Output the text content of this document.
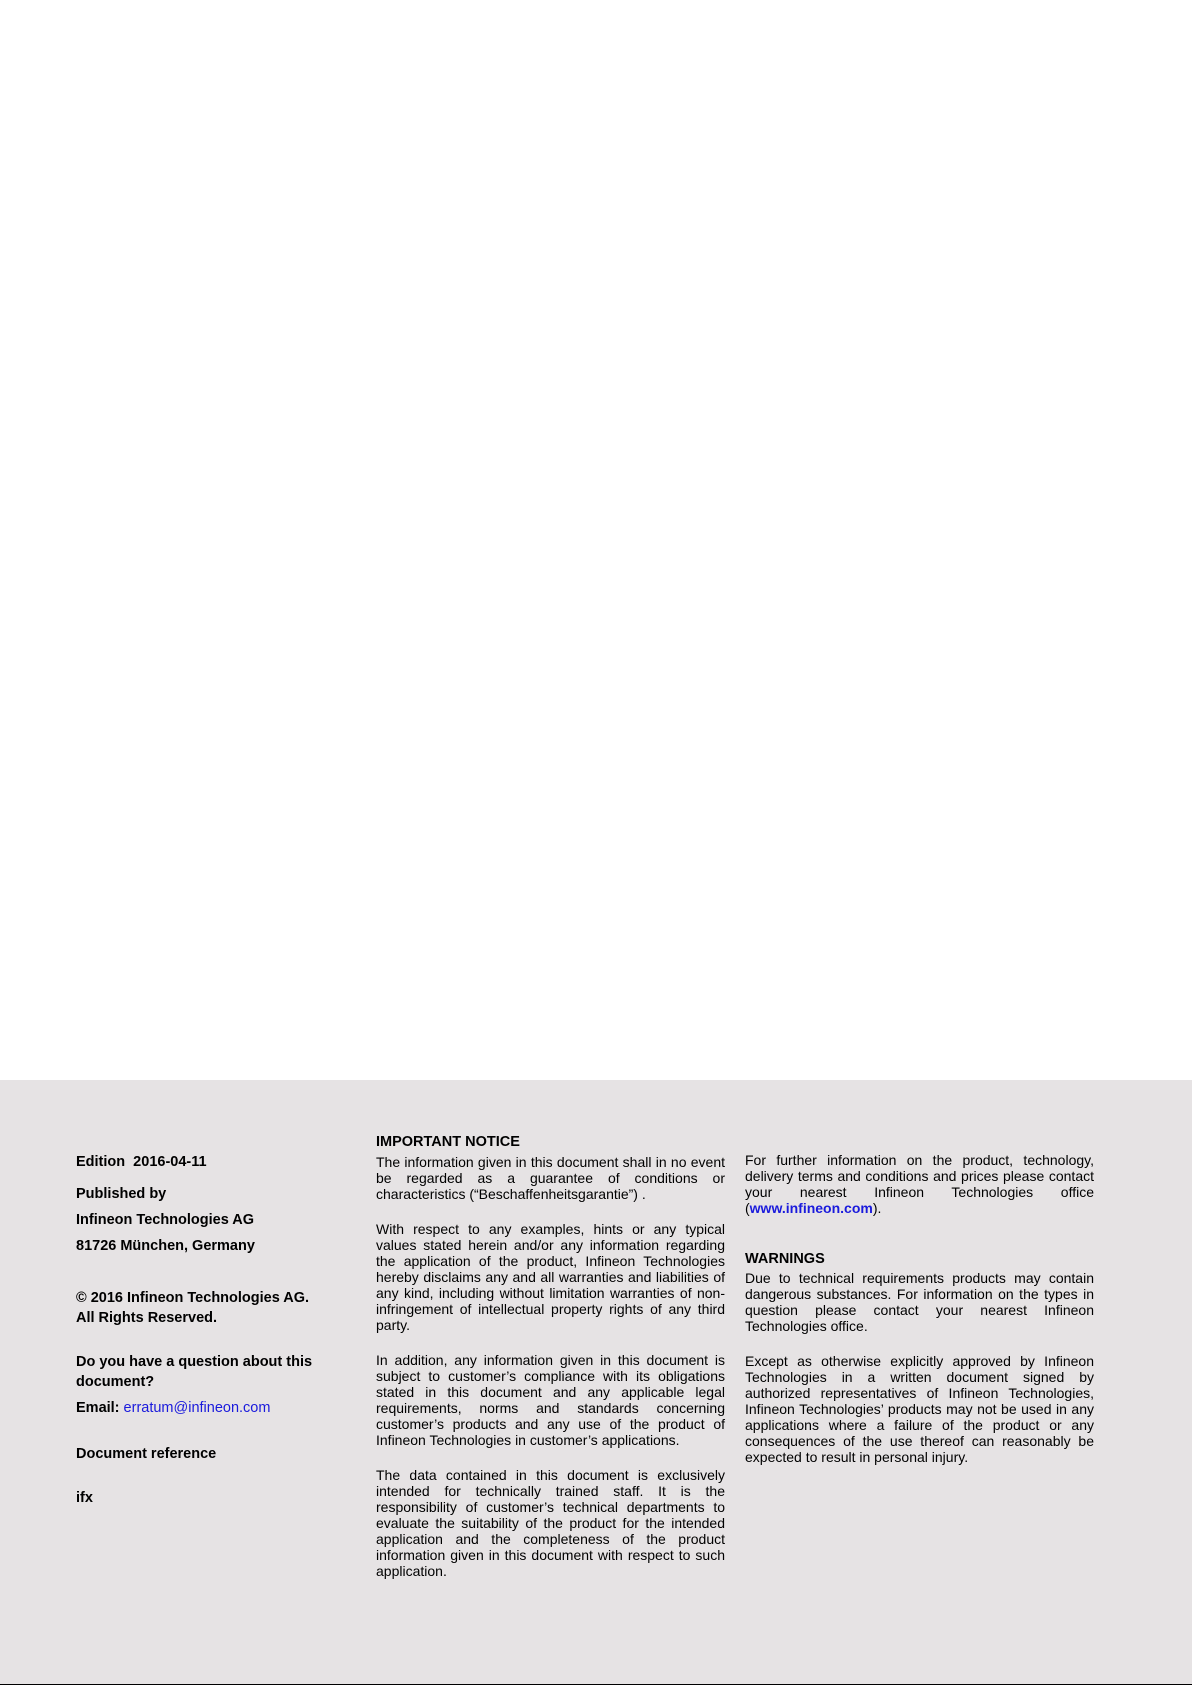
Edition  2016-04-11
Published by
Infineon Technologies AG
81726 München, Germany
© 2016 Infineon Technologies AG.
All Rights Reserved.
Do you have a question about this
document?
Email: erratum@infineon.com
Document reference
ifx
IMPORTANT NOTICE

The information given in this document shall in no event be regarded as a guarantee of conditions or characteristics (“Beschaffenheitsgarantie”) .

With respect to any examples, hints or any typical values stated herein and/or any information regarding the application of the product, Infineon Technologies hereby disclaims any and all warranties and liabilities of any kind, including without limitation warranties of non-infringement of intellectual property rights of any third party.

In addition, any information given in this document is subject to customer’s compliance with its obligations stated in this document and any applicable legal requirements, norms and standards concerning customer’s products and any use of the product of Infineon Technologies in customer’s applications.

The data contained in this document is exclusively intended for technically trained staff. It is the responsibility of customer’s technical departments to evaluate the suitability of the product for the intended application and the completeness of the product information given in this document with respect to such application.

For further information on the product, technology, delivery terms and conditions and prices please contact your nearest Infineon Technologies office (www.infineon.com).

WARNINGS

Due to technical requirements products may contain dangerous substances. For information on the types in question please contact your nearest Infineon Technologies office.

Except as otherwise explicitly approved by Infineon Technologies in a written document signed by authorized representatives of Infineon Technologies, Infineon Technologies’ products may not be used in any applications where a failure of the product or any consequences of the use thereof can reasonably be expected to result in personal injury.
